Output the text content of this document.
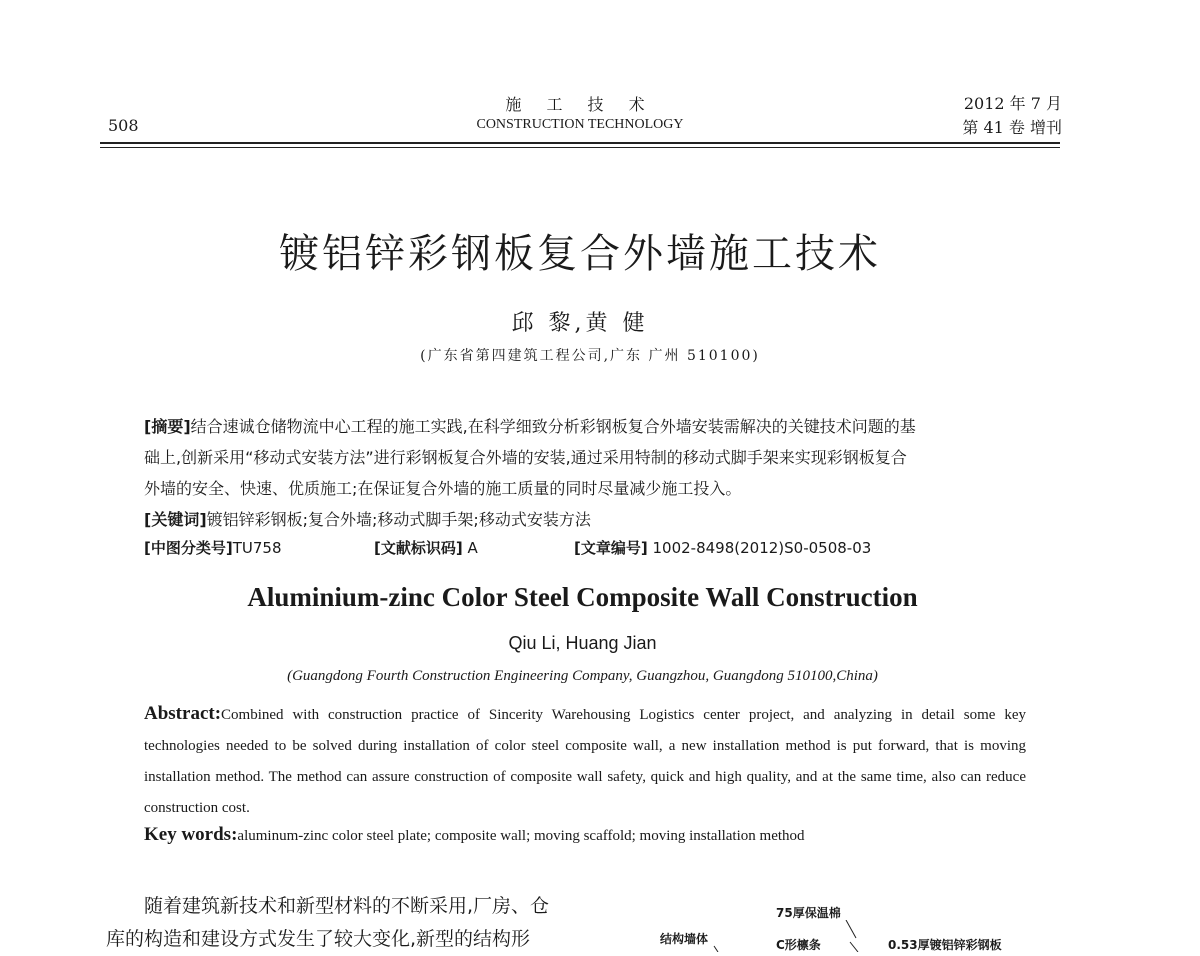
508
施 工 技 术
CONSTRUCTION TECHNOLOGY
2012 年 7 月
第 41 卷 增刊
镀铝锌彩钢板复合外墙施工技术
邱 黎,黄 健
(广东省第四建筑工程公司,广东 广州 510100)
[摘要]结合速诚仓储物流中心工程的施工实践,在科学细致分析彩钢板复合外墙安装需解决的关键技术问题的基
础上,创新采用“移动式安装方法”进行彩钢板复合外墙的安装,通过采用特制的移动式脚手架来实现彩钢板复合
外墙的安全、快速、优质施工;在保证复合外墙的施工质量的同时尽量减少施工投入。
[关键词]镀铝锌彩钢板;复合外墙;移动式脚手架;移动式安装方法
[中图分类号]TU758	[文献标识码] A	[文章编号] 1002-8498(2012)S0-0508-03
Aluminium-zinc Color Steel Composite Wall Construction
Qiu Li, Huang Jian
(Guangdong Fourth Construction Engineering Company, Guangzhou, Guangdong 510100,China)
Abstract:Combined with construction practice of Sincerity Warehousing Logistics center project, and analyzing in detail some key technologies needed to be solved during installation of color steel composite wall, a new installation method is put forward, that is moving installation method. The method can assure construction of composite wall safety, quick and high quality, and at the same time, also can reduce construction cost.
Key words:aluminum-zinc color steel plate; composite wall; moving scaffold; moving installation method
随着建筑新技术和新型材料的不断采用,厂房、仓
库的构造和建设方式发生了较大变化,新型的结构形
75厚保温棉
结构墙体	C形檩条	0.53厚镀铝锌彩钢板
